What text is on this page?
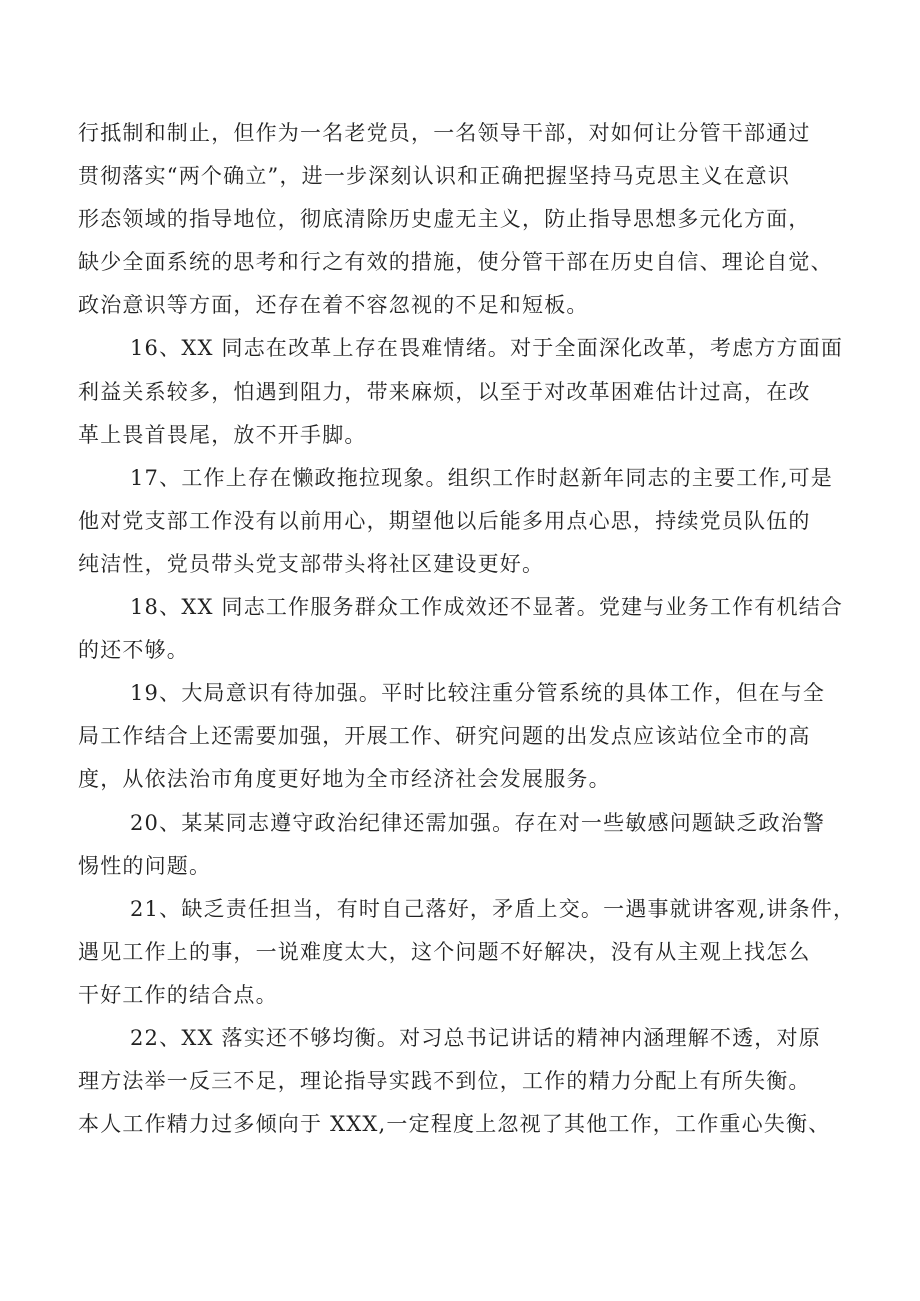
行抵制和制止，但作为一名老党员，一名领导干部，对如何让分管干部通过
贯彻落实“两个确立”，进一步深刻认识和正确把握坚持马克思主义在意识
形态领域的指导地位，彻底清除历史虚无主义，防止指导思想多元化方面，
缺少全面系统的思考和行之有效的措施，使分管干部在历史自信、理论自觉、
政治意识等方面，还存在着不容忽视的不足和短板。
16、XX 同志在改革上存在畏难情绪。对于全面深化改革，考虑方方面面
利益关系较多，怕遇到阻力，带来麻烦，以至于对改革困难估计过高，在改
革上畏首畏尾，放不开手脚。
17、工作上存在懒政拖拉现象。组织工作时赵新年同志的主要工作,可是
他对党支部工作没有以前用心，期望他以后能多用点心思，持续党员队伍的
纯洁性，党员带头党支部带头将社区建设更好。
18、XX 同志工作服务群众工作成效还不显著。党建与业务工作有机结合
的还不够。
19、大局意识有待加强。平时比较注重分管系统的具体工作，但在与全
局工作结合上还需要加强，开展工作、研究问题的出发点应该站位全市的高
度，从依法治市角度更好地为全市经济社会发展服务。
20、某某同志遵守政治纪律还需加强。存在对一些敏感问题缺乏政治警
惕性的问题。
21、缺乏责任担当，有时自己落好，矛盾上交。一遇事就讲客观,讲条件，
遇见工作上的事，一说难度太大，这个问题不好解决，没有从主观上找怎么
干好工作的结合点。
22、XX 落实还不够均衡。对习总书记讲话的精神内涵理解不透，对原
理方法举一反三不足，理论指导实践不到位，工作的精力分配上有所失衡。
本人工作精力过多倾向于 XXX,一定程度上忽视了其他工作，工作重心失衡、
